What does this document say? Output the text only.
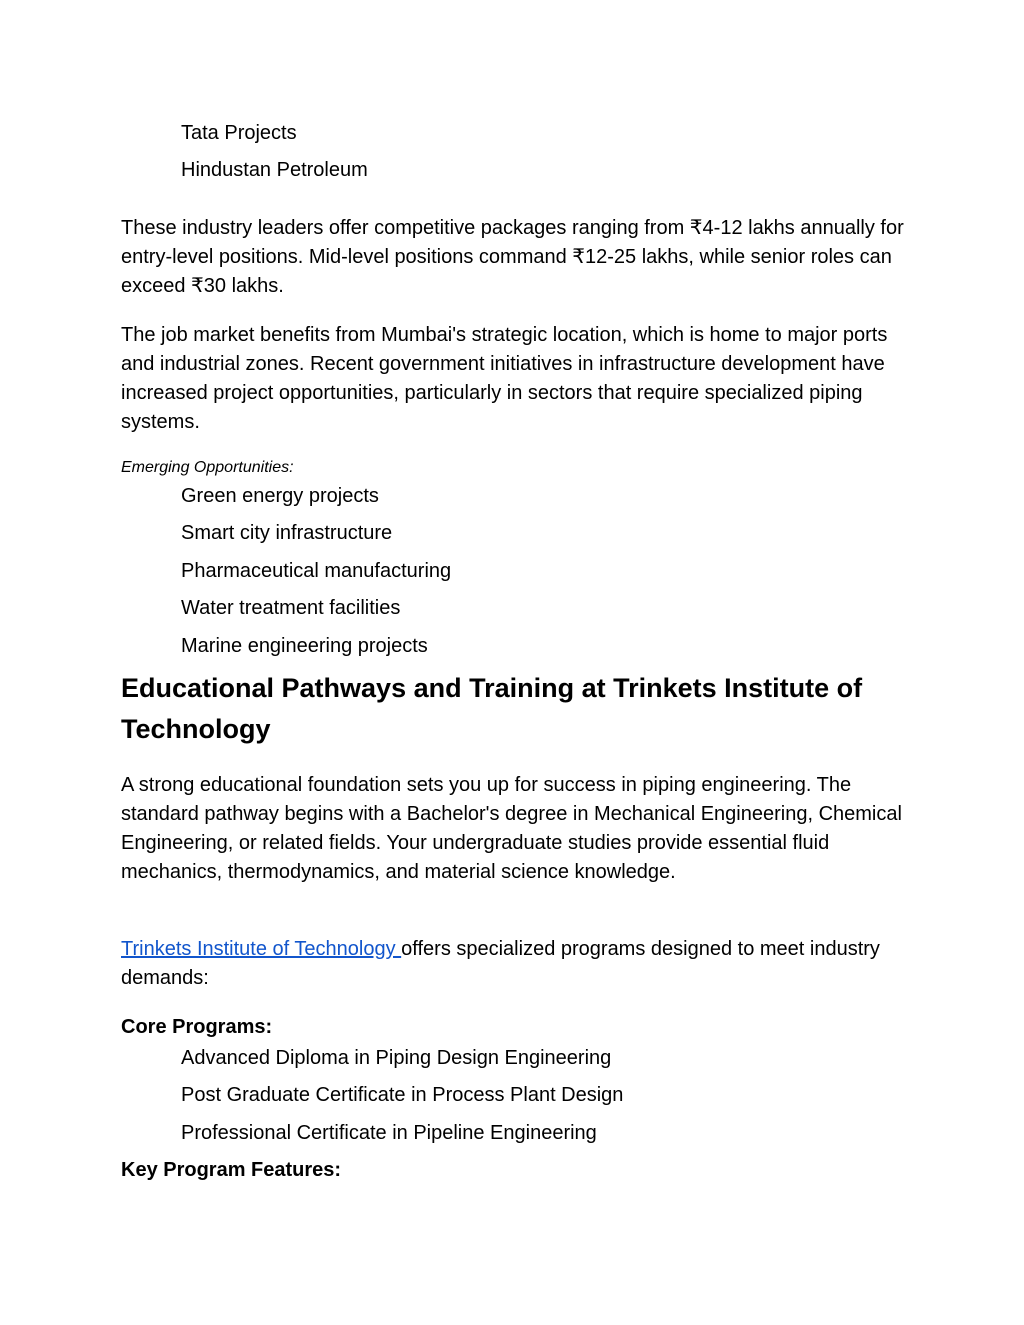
Tata Projects
Hindustan Petroleum

These industry leaders offer competitive packages ranging from ₹4-12 lakhs annually for entry-level positions. Mid-level positions command ₹12-25 lakhs, while senior roles can exceed ₹30 lakhs.

The job market benefits from Mumbai's strategic location, which is home to major ports and industrial zones. Recent government initiatives in infrastructure development have increased project opportunities, particularly in sectors that require specialized piping systems.

Emerging Opportunities:
Green energy projects
Smart city infrastructure
Pharmaceutical manufacturing
Water treatment facilities
Marine engineering projects
Educational Pathways and Training at Trinkets Institute of Technology

A strong educational foundation sets you up for success in piping engineering. The standard pathway begins with a Bachelor's degree in Mechanical Engineering, Chemical Engineering, or related fields. Your undergraduate studies provide essential fluid mechanics, thermodynamics, and material science knowledge.

Trinkets Institute of Technology offers specialized programs designed to meet industry demands:

Core Programs:
Advanced Diploma in Piping Design Engineering
Post Graduate Certificate in Process Plant Design
Professional Certificate in Pipeline Engineering
Key Program Features:
